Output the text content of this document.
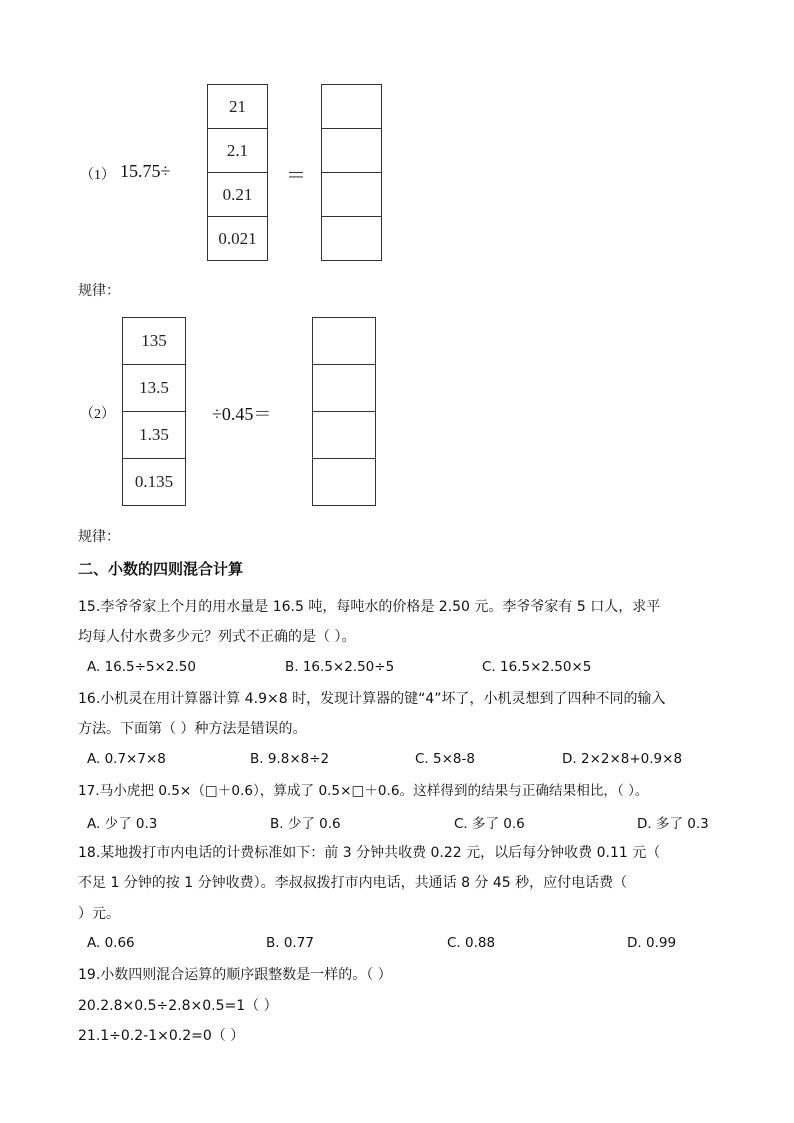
（1） 15.75÷
21
2.1
0.21
0.021
＝
规律：
（2）
135
13.5
1.35
0.135
÷0.45＝
规律：
二、小数的四则混合计算
15.李爷爷家上个月的用水量是 16.5 吨，每吨水的价格是 2.50 元。李爷爷家有 5 口人，求平
均每人付水费多少元？列式不正确的是（ ）。
A. 16.5÷5×2.50	B. 16.5×2.50÷5	C. 16.5×2.50×5
16.小机灵在用计算器计算 4.9×8 时，发现计算器的键“4”坏了，小机灵想到了四种不同的输入
方法。下面第（ ）种方法是错误的。
A. 0.7×7×8	B. 9.8×8÷2	C. 5×8-8	D. 2×2×8+0.9×8
17.马小虎把 0.5×（□＋0.6），算成了 0.5×□＋0.6。这样得到的结果与正确结果相比，（ ）。
A. 少了 0.3	B. 少了 0.6	C. 多了 0.6	D. 多了 0.3
18.某地拨打市内电话的计费标准如下：前 3 分钟共收费 0.22 元，以后每分钟收费 0.11 元（
不足 1 分钟的按 1 分钟收费）。李叔叔拨打市内电话，共通话 8 分 45 秒，应付电话费（
）元。
A. 0.66	B. 0.77	C. 0.88	D. 0.99
19.小数四则混合运算的顺序跟整数是一样的。（ ）
20.2.8×0.5÷2.8×0.5=1（ ）
21.1÷0.2-1×0.2=0（ ）
